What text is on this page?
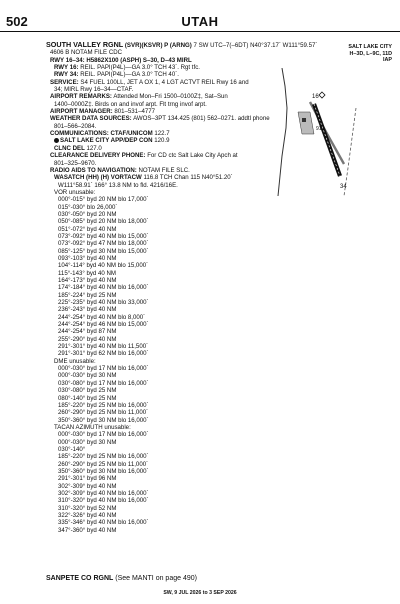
502	UTAH
SALT LAKE CITY
H–3D, L–9C, 11D
IAP
SOUTH VALLEY RGNL (SVR)(KSVR) P (ARNG) 7 SW UTC–7(–6DT) N40°37.17´ W111°59.57´
4606 B NOTAM FILE CDC
RWY 16–34: H5862X100 (ASPH) S–30, D–43 MIRL
RWY 16: REIL. PAPI(P4L)—GA 3.0° TCH 43´. Rgt tfc.
RWY 34: REIL. PAPI(P4L)—GA 3.0° TCH 40´.
SERVICE: S4 FUEL 100LL, JET A OX 1, 4 LGT ACTVT REIL Rwy 16 and
34; MIRL Rwy 16–34—CTAF.
AIRPORT REMARKS: Attended Mon–Fri 1500–0100Z‡, Sat–Sun
1400–0000Z‡. Birds on and invof arpt. Flt trng invof arpt.
AIRPORT MANAGER: 801–531–4777
WEATHER DATA SOURCES: AWOS–3PT 134.425 (801) 562–0271. addtl phone
801–566–2084.
COMMUNICATIONS: CTAF/UNICOM 122.7
SALT LAKE CITY APP/DEP CON 120.9
CLNC DEL 127.0
CLEARANCE DELIVERY PHONE: For CD ctc Salt Lake City Apch at
801–325–9670.
RADIO AIDS TO NAVIGATION: NOTAM FILE SLC.
WASATCH (HH) (H) VORTACW 116.8 TCH Chan 115 N40°51.20´
W111°58.91´ 166° 13.8 NM to fld. 4216/16E.
VOR unusable:
000°-015° byd 20 NM blo 17,000´
015°-030° blo 26,000´
030°-050° byd 20 NM
050°-085° byd 20 NM blo 18,000´
051°-072° byd 40 NM
073°-092° byd 40 NM blo 15,000´
073°-092° byd 47 NM blo 18,000´
085°-125° byd 30 NM blo 15,000´
093°-103° byd 40 NM
104°-114° byd 40 NM blo 15,000´
115°-143° byd 40 NM
164°-173° byd 40 NM
174°-184° byd 40 NM blo 16,000´
185°-224° byd 25 NM
225°-235° byd 40 NM blo 33,000´
236°-243° byd 40 NM
244°-254° byd 40 NM blo 8,000´
244°-254° byd 46 NM blo 15,000´
244°-254° byd 87 NM
255°-290° byd 40 NM
291°-301° byd 40 NM blo 11,500´
291°-301° byd 62 NM blo 16,000´
DME unusable:
000°-030° byd 17 NM blo 16,000´
000°-030° byd 30 NM
030°-080° byd 17 NM blo 16,000´
030°-080° byd 25 NM
080°-140° byd 25 NM
185°-220° byd 25 NM blo 16,000´
260°-290° byd 25 NM blo 11,000´
350°-360° byd 30 NM blo 16,000´
TACAN AZIMUTH unusable:
000°-030° byd 17 NM blo 16,000´
000°-030° byd 30 NM
030°-140°
185°-220° byd 25 NM blo 16,000´
260°-290° byd 25 NM blo 11,000´
350°-360° byd 30 NM blo 16,000´
291°-301° byd 96 NM
302°-309° byd 40 NM
302°-309° byd 40 NM blo 16,000´
310°-320° byd 40 NM blo 16,000´
310°-320° byd 52 NM
322°-326° byd 40 NM
335°-346° byd 40 NM blo 16,000´
347°-360° byd 40 NM
16
34
91
SANPETE CO RGNL (See MANTI on page 490)
SW, 9 JUL 2026 to 3 SEP 2026
